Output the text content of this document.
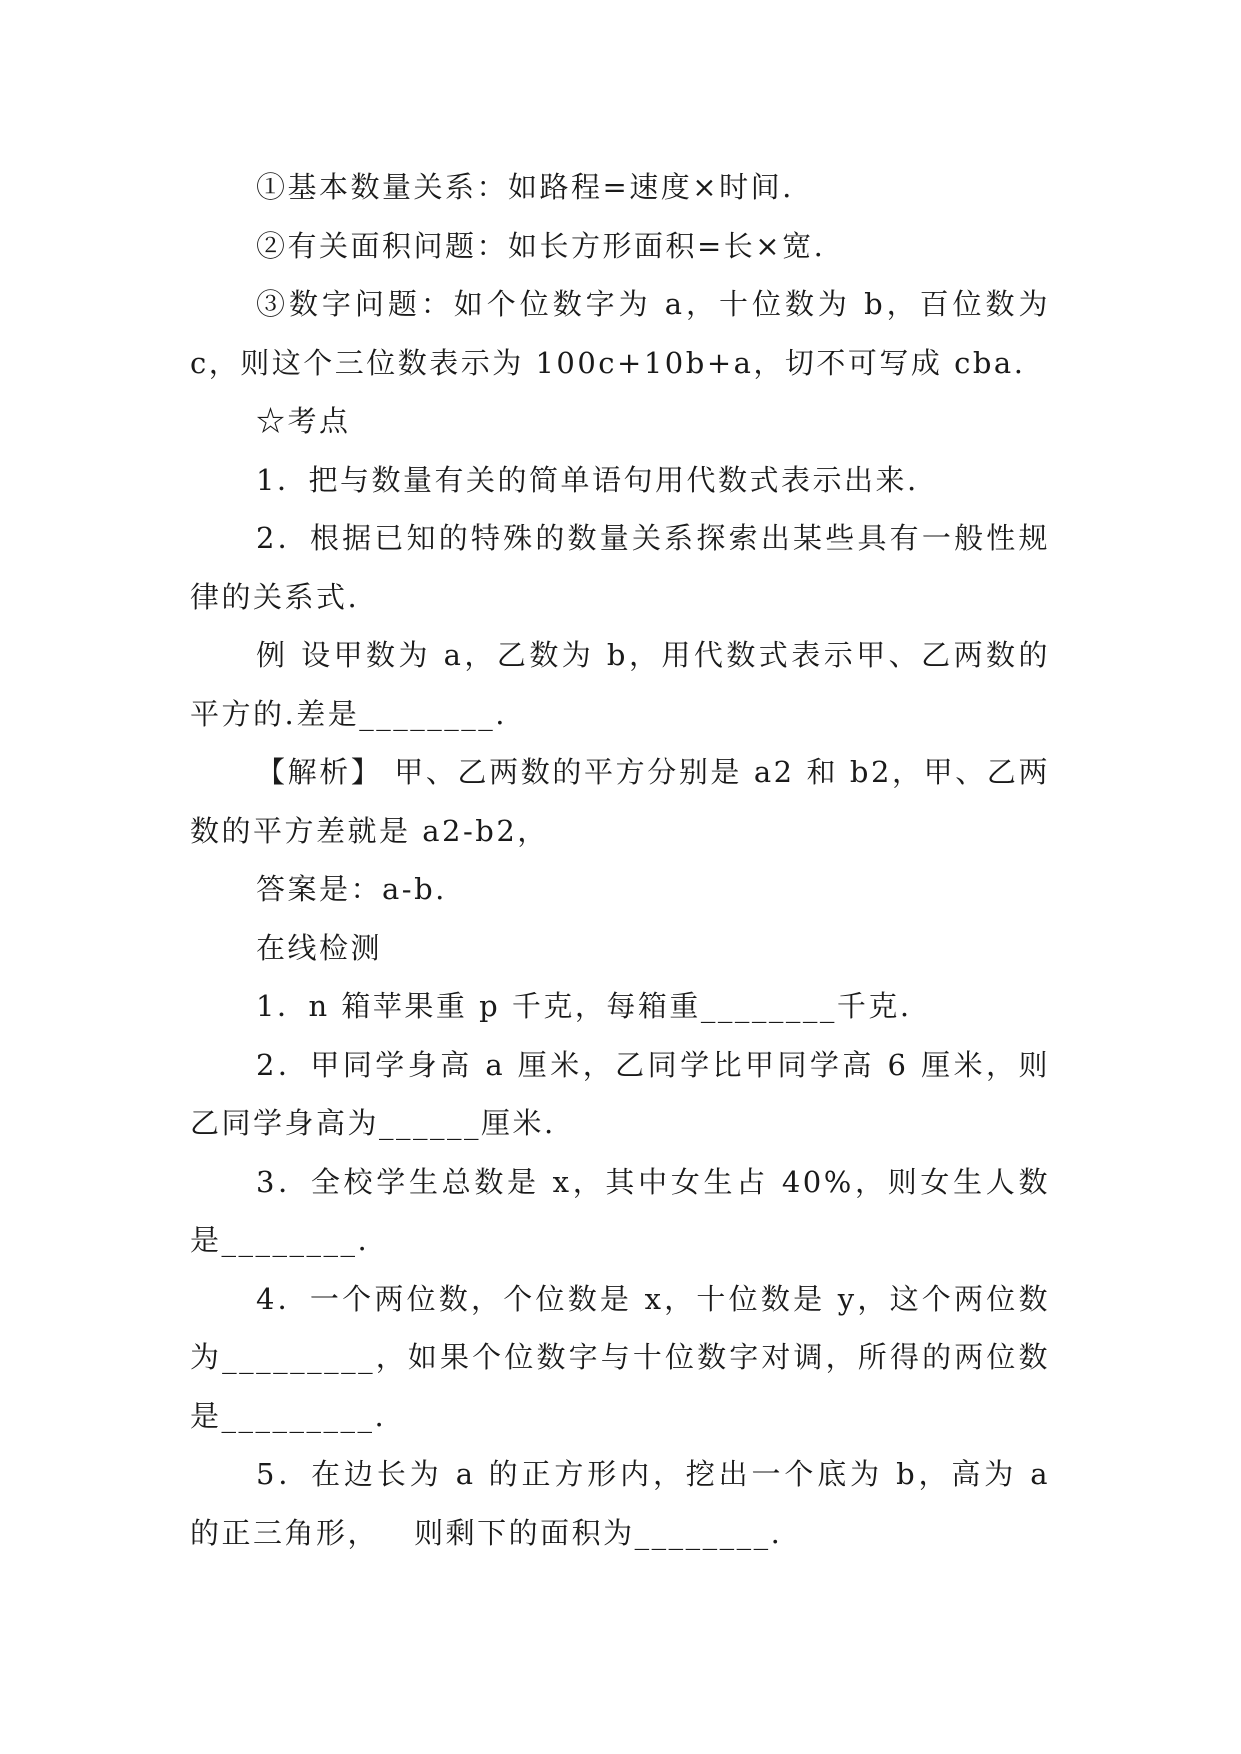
①基本数量关系：如路程=速度×时间.

②有关面积问题：如长方形面积=长×宽.

③数字问题：如个位数字为 a，十位数为 b，百位数为 c，则这个三位数表示为 100c+10b+a，切不可写成 cba.

☆考点

1．把与数量有关的简单语句用代数式表示出来.

2．根据已知的特殊的数量关系探索出某些具有一般性规律的关系式.

例 设甲数为 a，乙数为 b，用代数式表示甲、乙两数的平方的.差是________.

【解析】 甲、乙两数的平方分别是 a2 和 b2，甲、乙两数的平方差就是 a2-b2，

答案是：a-b.

在线检测

1．n 箱苹果重 p 千克，每箱重________千克.

2．甲同学身高 a 厘米，乙同学比甲同学高 6 厘米，则乙同学身高为______厘米.

3．全校学生总数是 x，其中女生占 40%，则女生人数是________.

4．一个两位数，个位数是 x，十位数是 y，这个两位数为_________，如果个位数字与十位数字对调，所得的两位数是_________.

5．在边长为 a 的正方形内，挖出一个底为 b，高为 a 的正三角形，   则剩下的面积为________.
